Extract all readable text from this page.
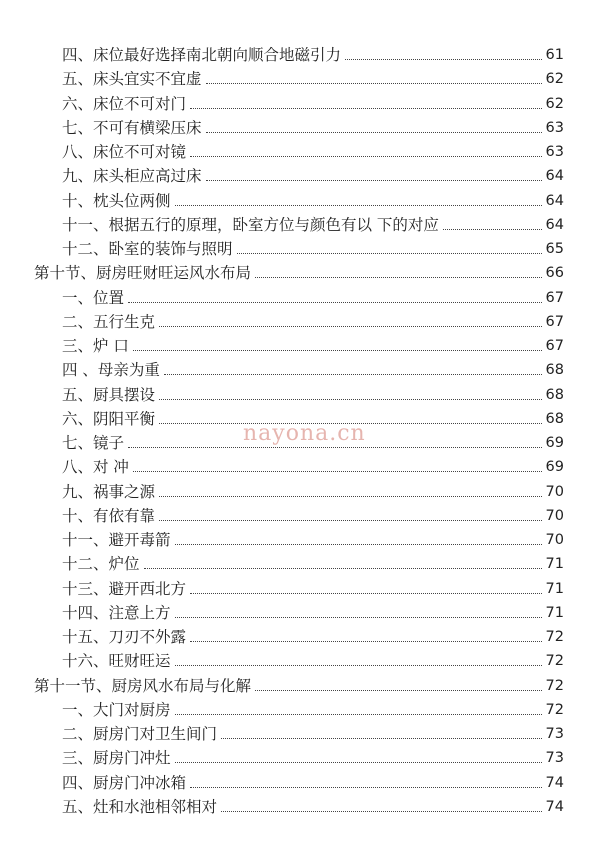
四、床位最好选择南北朝向顺合地磁引力	61
五、床头宜实不宜虚	62
六、床位不可对门	62
七、不可有横梁压床	63
八、床位不可对镜	63
九、床头柜应高过床	64
十、枕头位两侧	64
十一、根据五行的原理，卧室方位与颜色有以 下的对应	64
十二、卧室的装饰与照明	65
第十节、厨房旺财旺运风水布局	66
一、位置	67
二、五行生克	67
三、炉 口	67
四 、母亲为重	68
五、厨具摆设	68
六、阴阳平衡	68
七、镜子	69
八、对 冲	69
九、祸事之源	70
十、有依有靠	70
十一、避开毒箭	70
十二、炉位	71
十三、避开西北方	71
十四、注意上方	71
十五、刀刃不外露	72
十六、旺财旺运	72
第十一节、厨房风水布局与化解	72
一、大门对厨房	72
二、厨房门对卫生间门	73
三、厨房门冲灶	73
四、厨房门冲冰箱	74
五、灶和水池相邻相对	74
nayona.cn
